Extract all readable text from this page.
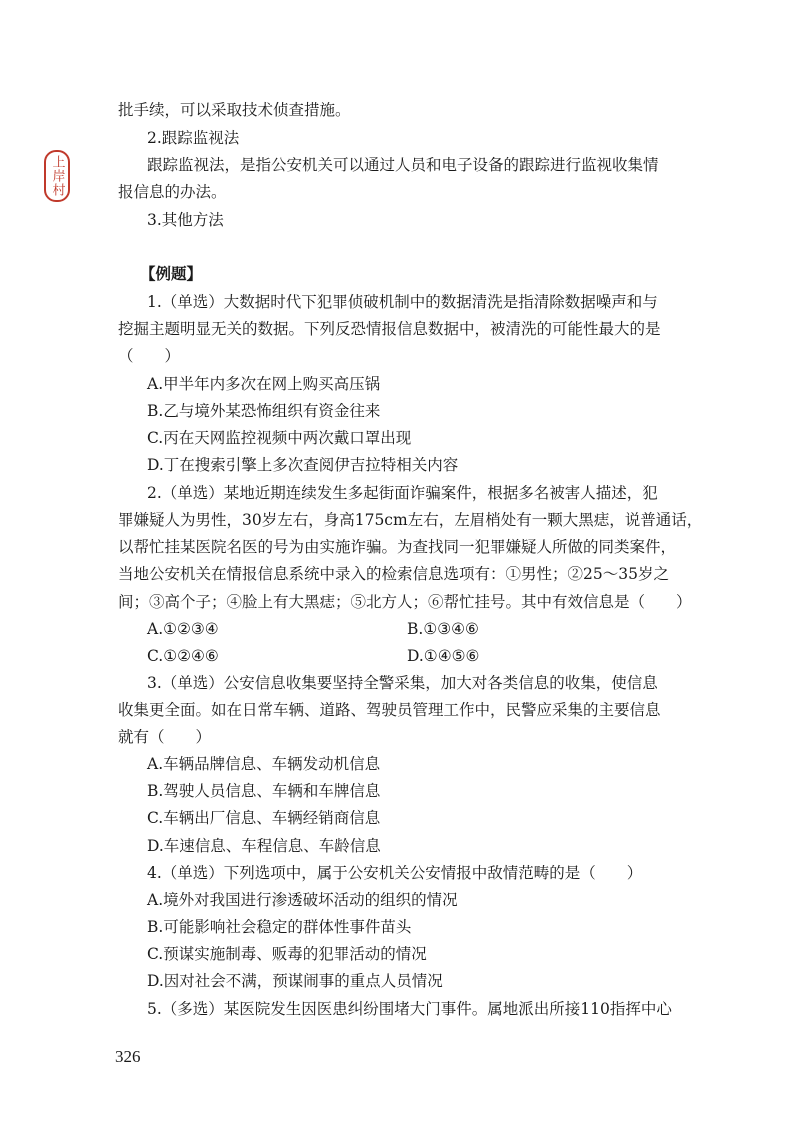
上岸村
批手续，可以采取技术侦查措施。
2.跟踪监视法
跟踪监视法，是指公安机关可以通过人员和电子设备的跟踪进行监视收集情
报信息的办法。
3.其他方法
【例题】
1.（单选）大数据时代下犯罪侦破机制中的数据清洗是指清除数据噪声和与
挖掘主题明显无关的数据。下列反恐情报信息数据中，被清洗的可能性最大的是
（　　）
A.甲半年内多次在网上购买高压锅
B.乙与境外某恐怖组织有资金往来
C.丙在天网监控视频中两次戴口罩出现
D.丁在搜索引擎上多次查阅伊吉拉特相关内容
2.（单选）某地近期连续发生多起街面诈骗案件，根据多名被害人描述，犯
罪嫌疑人为男性，30岁左右，身高175cm左右，左眉梢处有一颗大黑痣，说普通话，
以帮忙挂某医院名医的号为由实施诈骗。为查找同一犯罪嫌疑人所做的同类案件，
当地公安机关在情报信息系统中录入的检索信息选项有：①男性；②25～35岁之
间；③高个子；④脸上有大黑痣；⑤北方人；⑥帮忙挂号。其中有效信息是（　　）
A.①②③④	B.①③④⑥
C.①②④⑥	D.①④⑤⑥
3.（单选）公安信息收集要坚持全警采集，加大对各类信息的收集，使信息
收集更全面。如在日常车辆、道路、驾驶员管理工作中，民警应采集的主要信息
就有（　　）
A.车辆品牌信息、车辆发动机信息
B.驾驶人员信息、车辆和车牌信息
C.车辆出厂信息、车辆经销商信息
D.车速信息、车程信息、车龄信息
4.（单选）下列选项中，属于公安机关公安情报中敌情范畴的是（　　）
A.境外对我国进行渗透破坏活动的组织的情况
B.可能影响社会稳定的群体性事件苗头
C.预谋实施制毒、贩毒的犯罪活动的情况
D.因对社会不满，预谋闹事的重点人员情况
5.（多选）某医院发生因医患纠纷围堵大门事件。属地派出所接110指挥中心
326
